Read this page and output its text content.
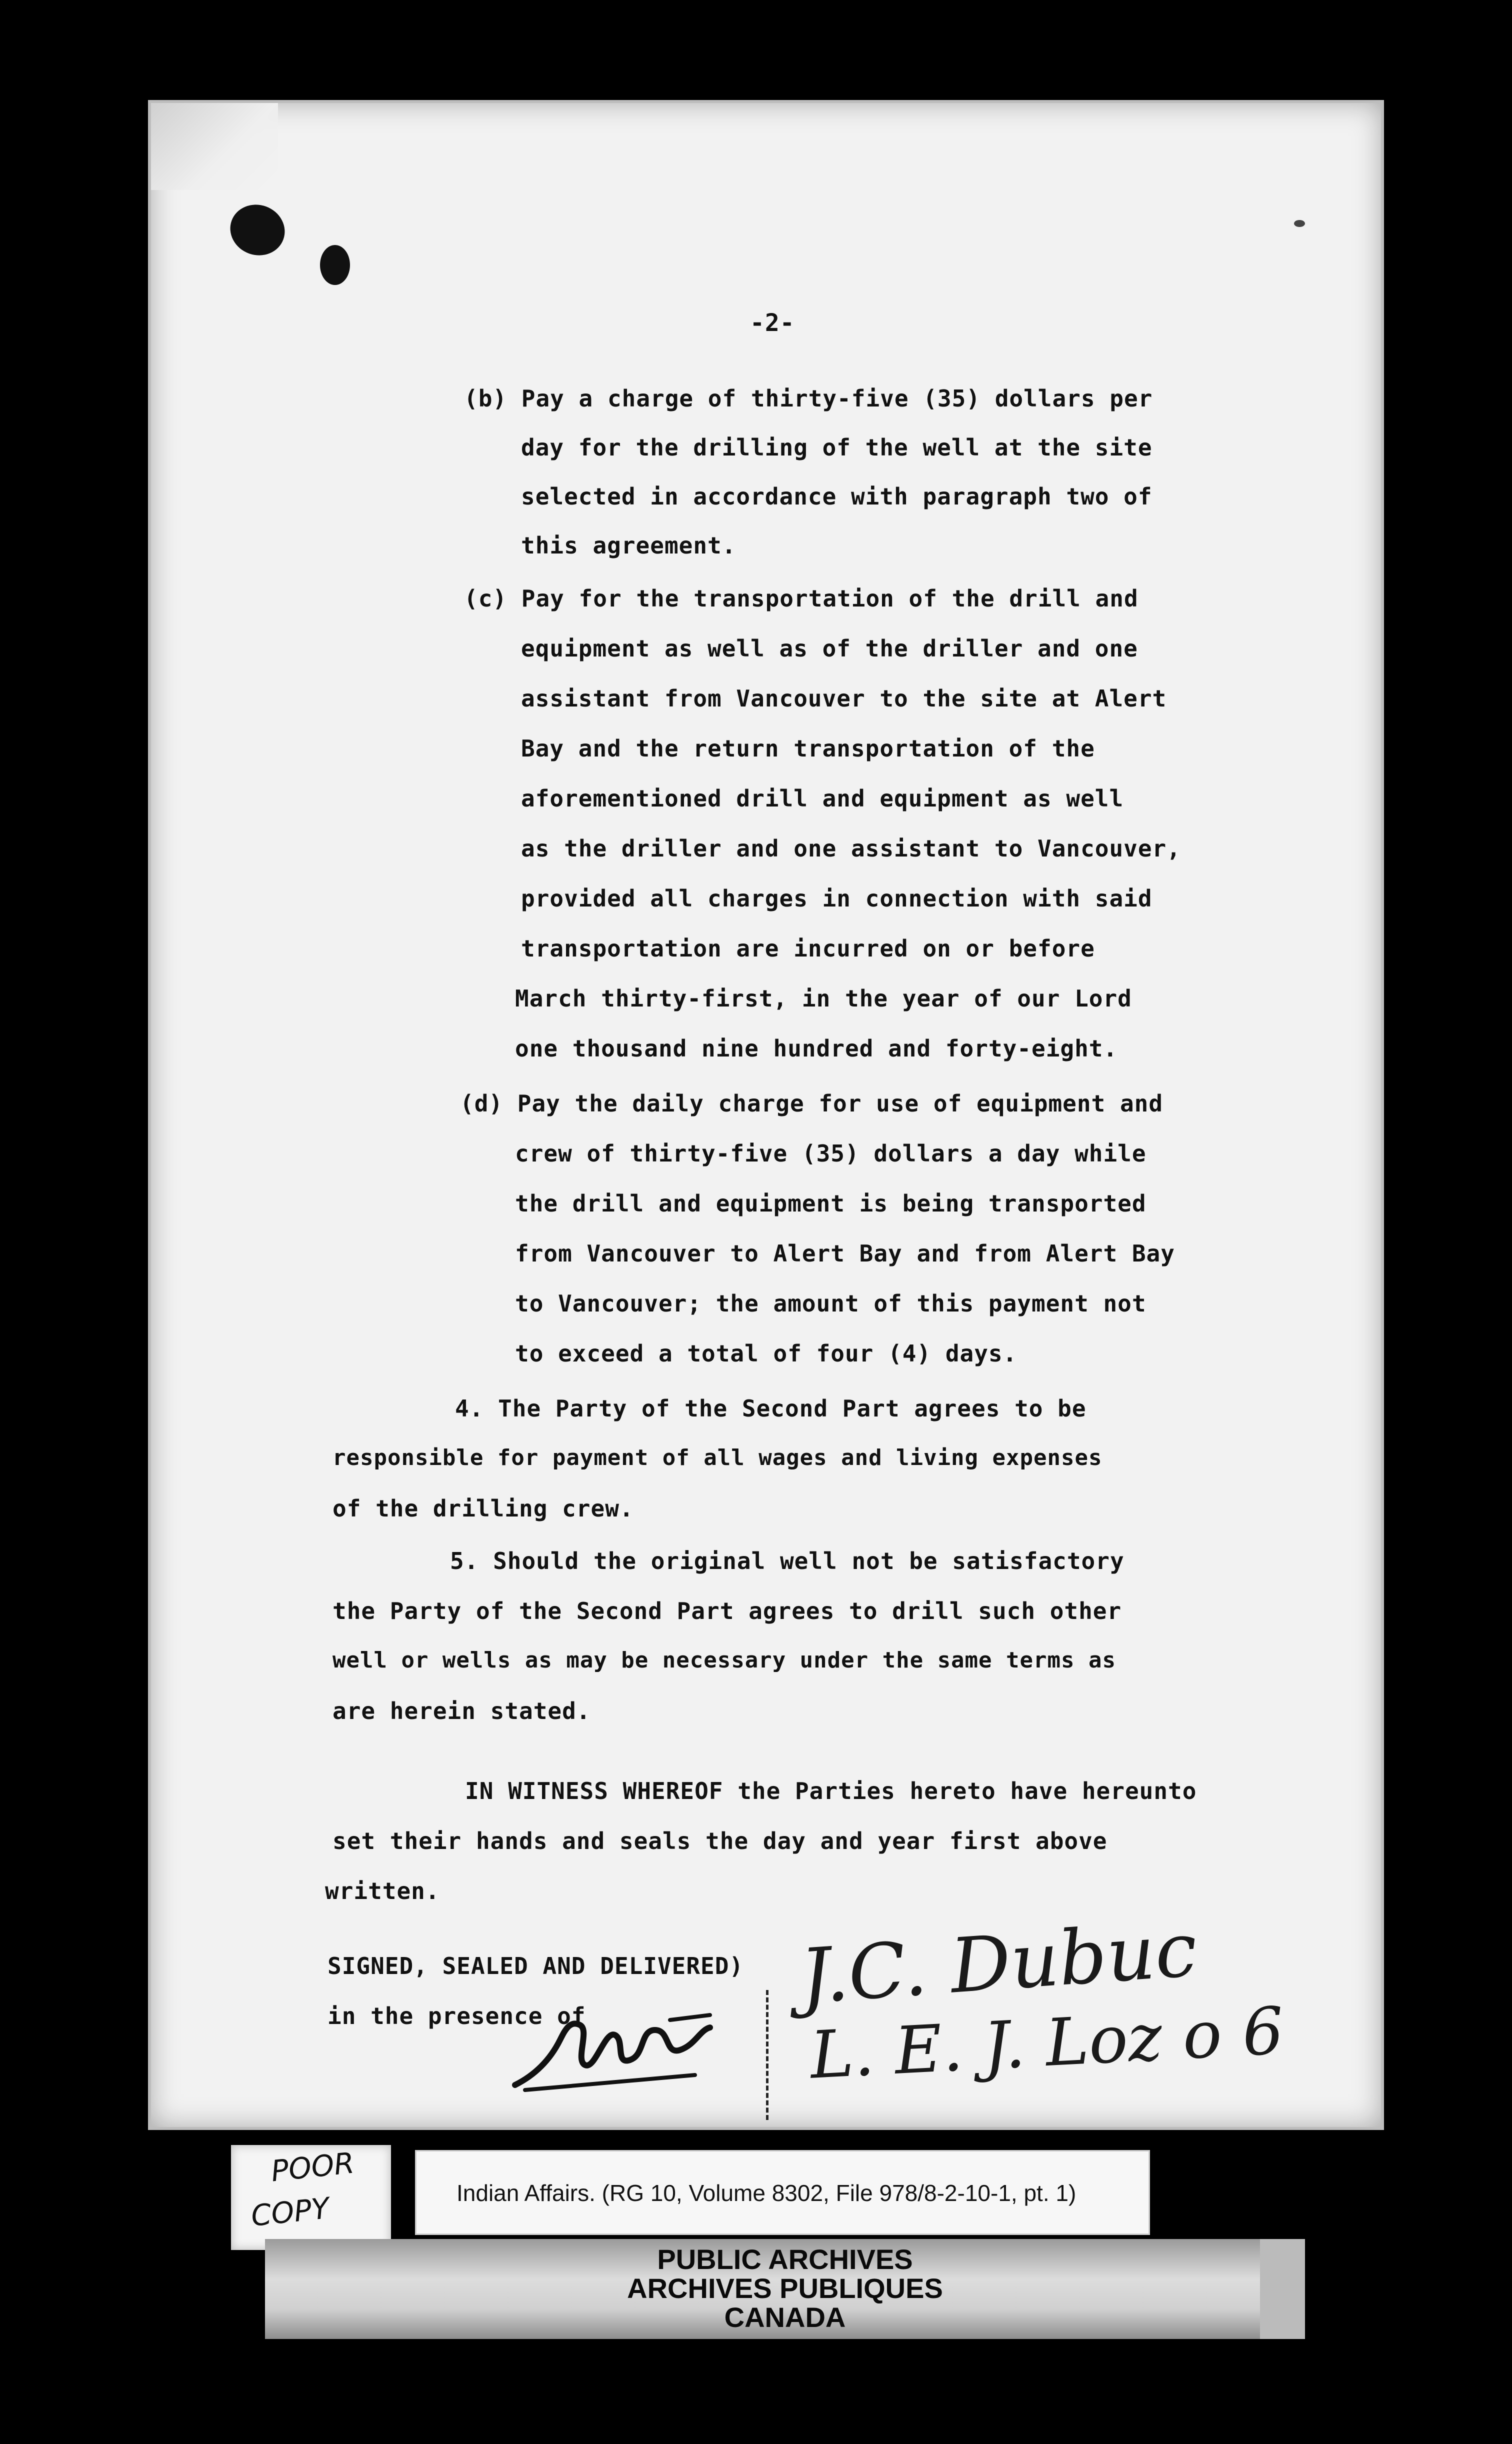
-2-

(b) Pay a charge of thirty-five (35) dollars per

day for the drilling of the well at the site

selected in accordance with paragraph two of

this agreement.

(c) Pay for the transportation of the drill and

equipment as well as of the driller and one

assistant from Vancouver to the site at Alert

Bay and the return transportation of the

aforementioned drill and equipment as well

as the driller and one assistant to Vancouver,

provided all charges in connection with said

transportation are incurred on or before

March thirty-first, in the year of our Lord

one thousand nine hundred and forty-eight.

(d) Pay the daily charge for use of equipment and

crew of thirty-five (35) dollars a day while

the drill and equipment is being transported

from Vancouver to Alert Bay and from Alert Bay

to Vancouver; the amount of this payment not

to exceed a total of four (4) days.

4. The Party of the Second Part agrees to be

responsible for payment of all wages and living expenses

of the drilling crew.

5. Should the original well not be satisfactory

the Party of the Second Part agrees to drill such other

well or wells as may be necessary under the same terms as

are herein stated.

IN WITNESS WHEREOF the Parties hereto have hereunto

set their hands and seals the day and year first above

written.

SIGNED, SEALED AND DELIVERED)

in the presence of	J.C. Dubuc
L. E. J. Loz o 6
POOR
COPY	Indian Affairs. (RG 10, Volume 8302, File 978/8-2-10-1, pt. 1)
PUBLIC ARCHIVES
ARCHIVES PUBLIQUES
CANADA
